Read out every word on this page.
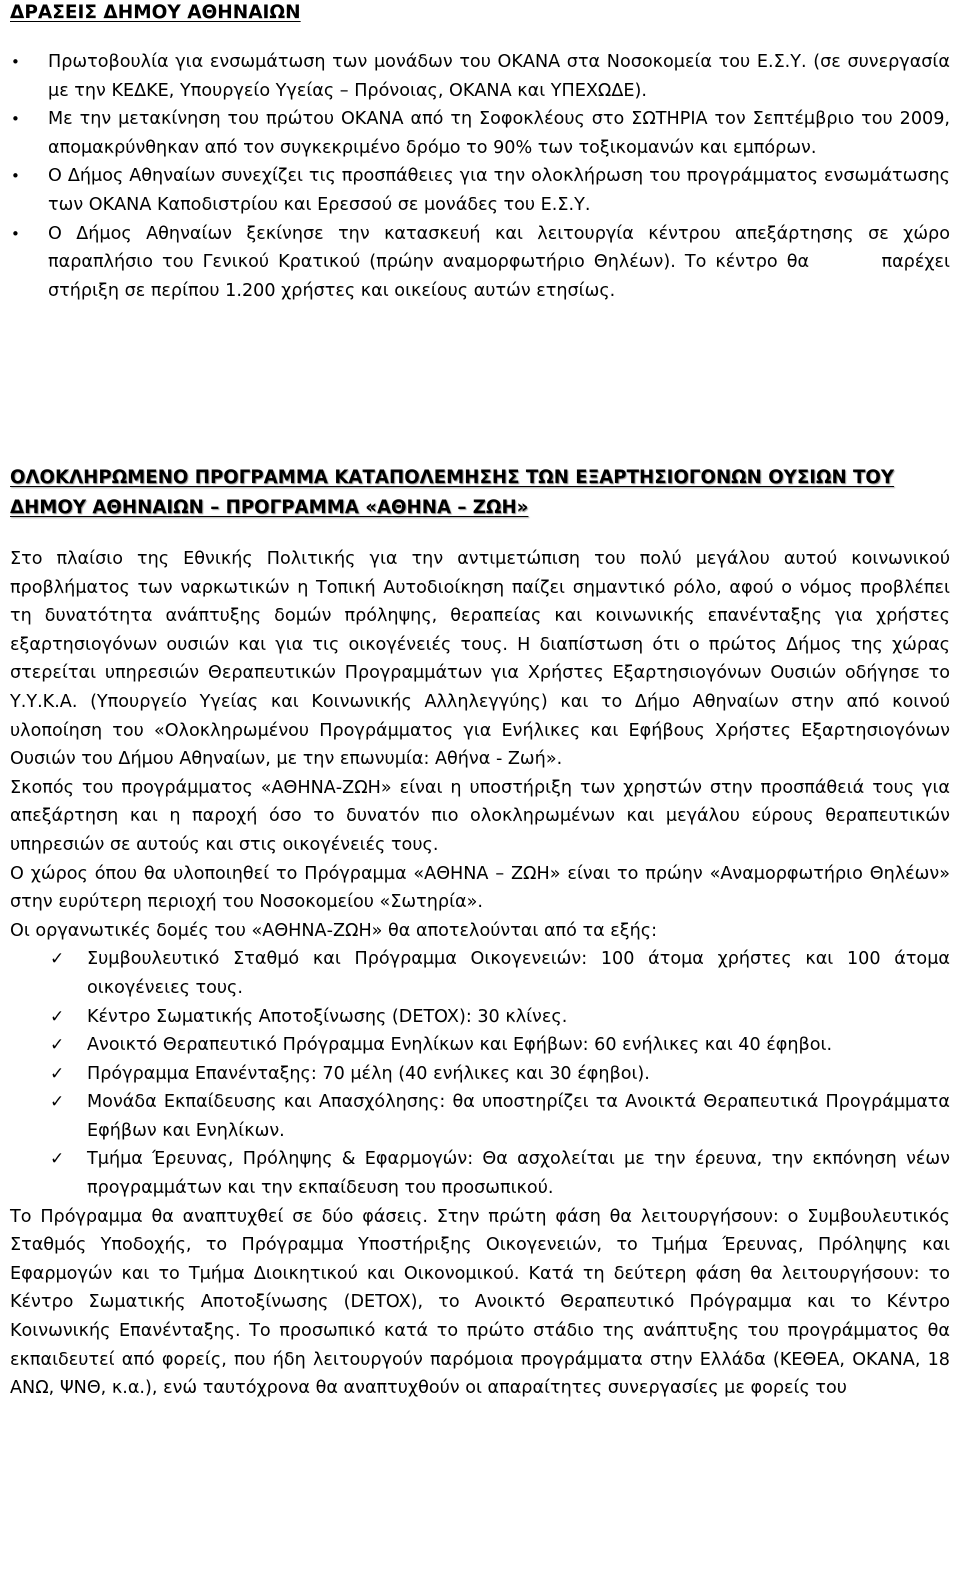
ΔΡΑΣΕΙΣ ΔΗΜΟΥ ΑΘΗΝΑΙΩΝ
• Πρωτοβουλία για ενσωμάτωση των μονάδων του ΟΚΑΝΑ στα Νοσοκομεία του Ε.Σ.Υ. (σε συνεργασία με την ΚΕΔΚΕ, Υπουργείο Υγείας – Πρόνοιας, ΟΚΑΝΑ και ΥΠΕΧΩΔΕ).
• Με την μετακίνηση του πρώτου ΟΚΑΝΑ από τη Σοφοκλέους στο ΣΩΤΗΡΙΑ τον Σεπτέμβριο του 2009, απομακρύνθηκαν από τον συγκεκριμένο δρόμο το 90% των τοξικομανών και εμπόρων.
• Ο Δήμος Αθηναίων συνεχίζει τις προσπάθειες για την ολοκλήρωση του προγράμματος ενσωμάτωσης των ΟΚΑΝΑ Καποδιστρίου και Ερεσσού σε μονάδες του Ε.Σ.Υ.
• Ο Δήμος Αθηναίων ξεκίνησε την κατασκευή και λειτουργία κέντρου απεξάρτησης σε χώρο παραπλήσιο του Γενικού Κρατικού (πρώην αναμορφωτήριο Θηλέων). Το κέντρο θα        παρέχει στήριξη σε περίπου 1.200 χρήστες και οικείους αυτών ετησίως.
ΟΛΟΚΛΗΡΩΜΕΝΟ ΠΡΟΓΡΑΜΜΑ ΚΑΤΑΠΟΛΕΜΗΣΗΣ ΤΩΝ ΕΞΑΡΤΗΣΙΟΓΟΝΩΝ ΟΥΣΙΩΝ ΤΟΥ ΔΗΜΟΥ ΑΘΗΝΑΙΩΝ – ΠΡΟΓΡΑΜΜΑ «ΑΘΗΝΑ – ΖΩΗ»

Στο πλαίσιο της Εθνικής Πολιτικής για την αντιμετώπιση του πολύ μεγάλου αυτού κοινωνικού προβλήματος των ναρκωτικών η Τοπική Αυτοδιοίκηση παίζει σημαντικό ρόλο, αφού ο νόμος προβλέπει τη δυνατότητα ανάπτυξης δομών πρόληψης, θεραπείας και κοινωνικής επανένταξης για χρήστες εξαρτησιογόνων ουσιών και για τις οικογένειές τους. Η διαπίστωση ότι ο πρώτος Δήμος της χώρας στερείται υπηρεσιών Θεραπευτικών Προγραμμάτων για Χρήστες Εξαρτησιογόνων Ουσιών οδήγησε το Υ.Υ.Κ.Α. (Υπουργείο Υγείας και Κοινωνικής Αλληλεγγύης) και το Δήμο Αθηναίων στην από κοινού υλοποίηση του «Ολοκληρωμένου Προγράμματος για Ενήλικες και Εφήβους Χρήστες Εξαρτησιογόνων Ουσιών του Δήμου Αθηναίων, με την επωνυμία: Αθήνα - Ζωή».

Σκοπός του προγράμματος «ΑΘΗΝΑ-ΖΩΗ» είναι η υποστήριξη των χρηστών στην προσπάθειά τους για απεξάρτηση και η παροχή όσο το δυνατόν πιο ολοκληρωμένων και μεγάλου εύρους θεραπευτικών υπηρεσιών σε αυτούς και στις οικογένειές τους.

Ο χώρος όπου θα υλοποιηθεί το Πρόγραμμα «ΑΘΗΝΑ – ΖΩΗ» είναι το πρώην «Αναμορφωτήριο Θηλέων» στην ευρύτερη περιοχή του Νοσοκομείου «Σωτηρία».

Οι οργανωτικές δομές του «ΑΘΗΝΑ-ΖΩΗ» θα αποτελούνται από τα εξής:

✓ Συμβουλευτικό Σταθμό και Πρόγραμμα Οικογενειών: 100 άτομα χρήστες και 100 άτομα οικογένειες τους.
✓ Κέντρο Σωματικής Αποτοξίνωσης (DETOX): 30 κλίνες.
✓ Ανοικτό Θεραπευτικό Πρόγραμμα Ενηλίκων και Εφήβων: 60 ενήλικες και 40 έφηβοι.
✓ Πρόγραμμα Επανένταξης: 70 μέλη (40 ενήλικες και 30 έφηβοι).
✓ Μονάδα Εκπαίδευσης και Απασχόλησης: θα υποστηρίζει τα Ανοικτά Θεραπευτικά Προγράμματα Εφήβων και Ενηλίκων.
✓ Τμήμα Έρευνας, Πρόληψης & Εφαρμογών: Θα ασχολείται με την έρευνα, την εκπόνηση νέων προγραμμάτων και την εκπαίδευση του προσωπικού.

Το Πρόγραμμα θα αναπτυχθεί σε δύο φάσεις. Στην πρώτη φάση θα λειτουργήσουν: ο Συμβουλευτικός Σταθμός Υποδοχής, το Πρόγραμμα Υποστήριξης Οικογενειών, το Τμήμα Έρευνας, Πρόληψης και Εφαρμογών και το Τμήμα Διοικητικού και Οικονομικού. Κατά τη δεύτερη φάση θα λειτουργήσουν: το Κέντρο Σωματικής Αποτοξίνωσης (DETOX), το Ανοικτό Θεραπευτικό Πρόγραμμα και το Κέντρο Κοινωνικής Επανένταξης. Το προσωπικό κατά το πρώτο στάδιο της ανάπτυξης του προγράμματος θα εκπαιδευτεί από φορείς, που ήδη λειτουργούν παρόμοια προγράμματα στην Ελλάδα (ΚΕΘΕΑ, ΟΚΑΝΑ, 18 ΑΝΩ, ΨΝΘ, κ.α.), ενώ ταυτόχρονα θα αναπτυχθούν οι απαραίτητες συνεργασίες με φορείς του
